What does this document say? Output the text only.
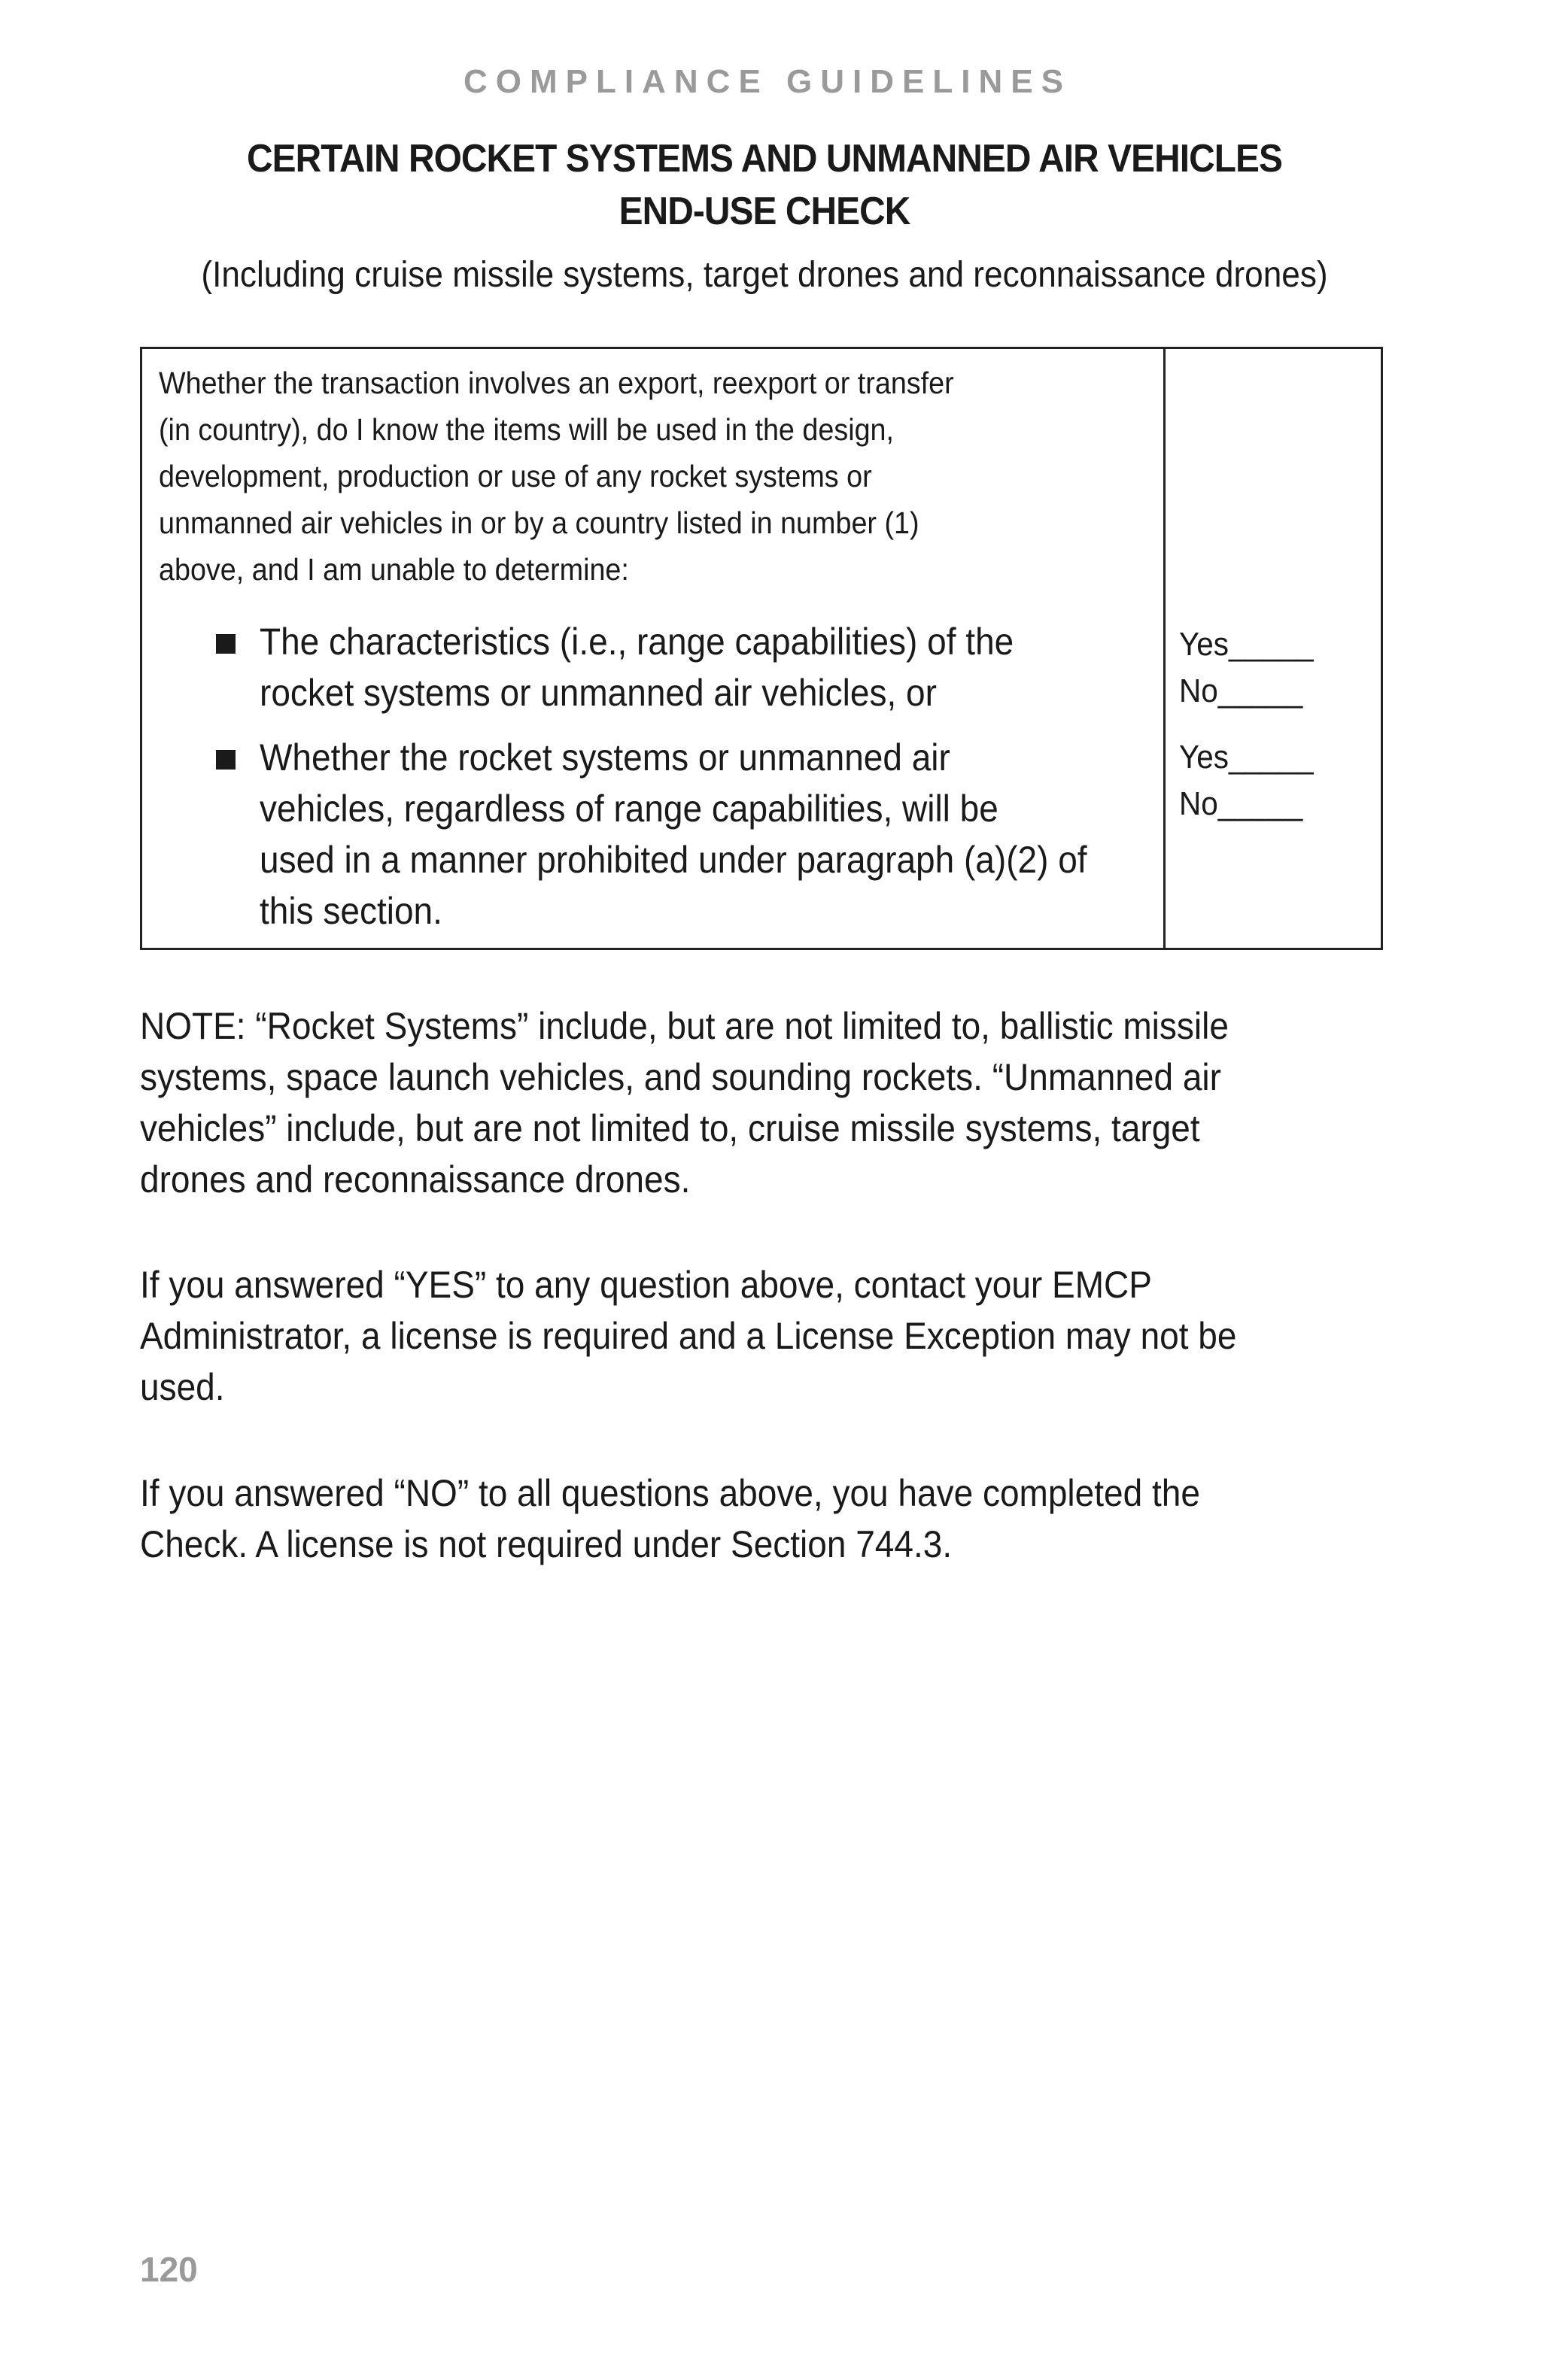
COMPLIANCE GUIDELINES
CERTAIN ROCKET SYSTEMS AND UNMANNED AIR VEHICLES
END-USE CHECK
(Including cruise missile systems, target drones and reconnaissance drones)
Whether the transaction involves an export, reexport or transfer
(in country), do I know the items will be used in the design,
development, production or use of any rocket systems or
unmanned air vehicles in or by a country listed in number (1)
above, and I am unable to determine:
The characteristics (i.e., range capabilities) of the
rocket systems or unmanned air vehicles, or
Whether the rocket systems or unmanned air
vehicles, regardless of range capabilities, will be
used in a manner prohibited under paragraph (a)(2) of
this section.
Yes_____
No_____
Yes_____
No_____
NOTE: “Rocket Systems” include, but are not limited to, ballistic missile
systems, space launch vehicles, and sounding rockets. “Unmanned air
vehicles” include, but are not limited to, cruise missile systems, target
drones and reconnaissance drones.
If you answered “YES” to any question above, contact your EMCP
Administrator, a license is required and a License Exception may not be
used.
If you answered “NO” to all questions above, you have completed the
Check. A license is not required under Section 744.3.
120
